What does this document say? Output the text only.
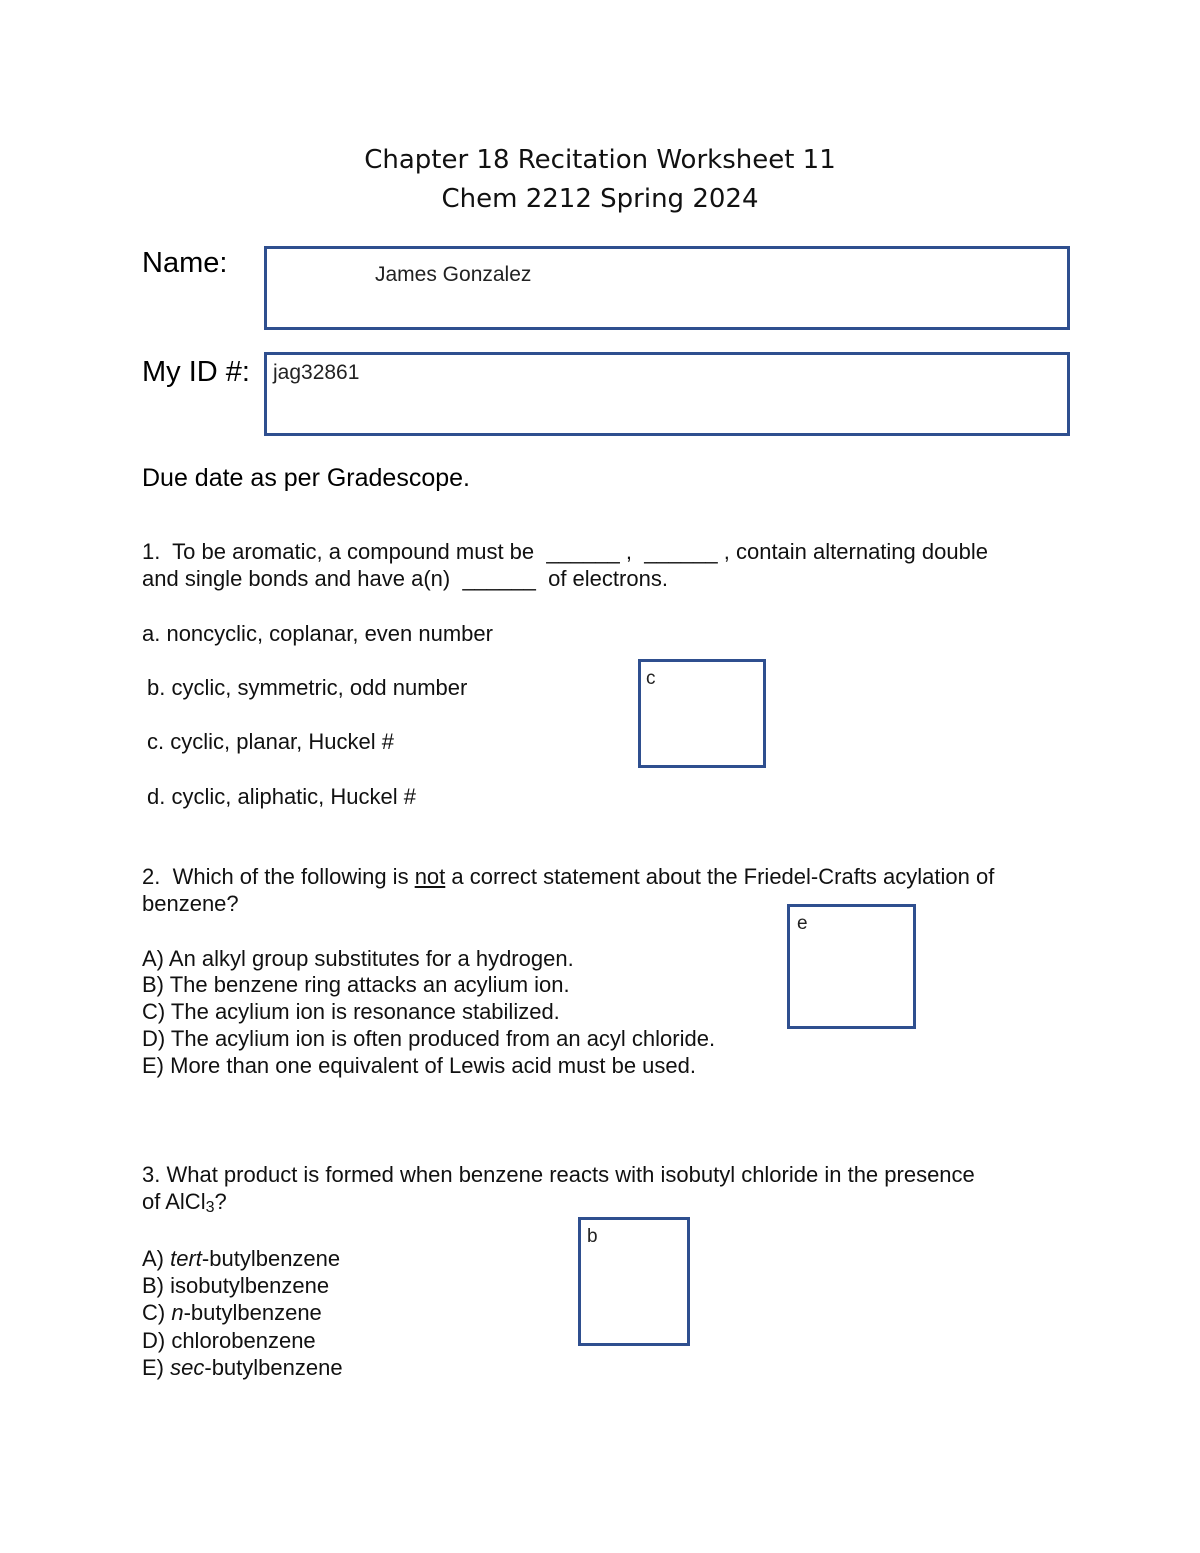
Chapter 18 Recitation Worksheet 11
Chem 2212 Spring 2024
Name:	James Gonzalez
My ID #: jag32861
Due date as per Gradescope.
1.  To be aromatic, a compound must be  ______ ,  ______ , contain alternating double
and single bonds and have a(n)  ______  of electrons.
a. noncyclic, coplanar, even number
b. cyclic, symmetric, odd number
c. cyclic, planar, Huckel #
d. cyclic, aliphatic, Huckel #
c
2.  Which of the following is not a correct statement about the Friedel-Crafts acylation of
benzene?
A) An alkyl group substitutes for a hydrogen.
B) The benzene ring attacks an acylium ion.
C) The acylium ion is resonance stabilized.
D) The acylium ion is often produced from an acyl chloride.
E) More than one equivalent of Lewis acid must be used.
e
3. What product is formed when benzene reacts with isobutyl chloride in the presence
of AlCl$_3$?
A) tert-butylbenzene
B) isobutylbenzene
C) n-butylbenzene
D) chlorobenzene
E) sec-butylbenzene
b
